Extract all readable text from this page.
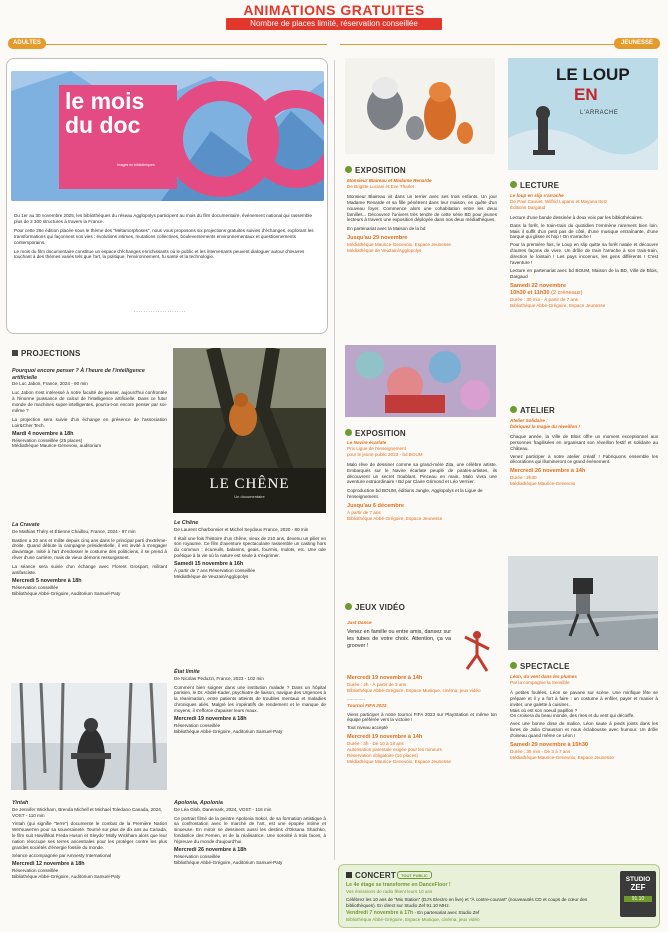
ANIMATIONS GRATUITES
Nombre de places limité, réservation conseillée
ADULTES	JEUNESSE
le mois
du doc
images en bibliothèques

Du 1er au 30 novembre 2025, les bibliothèques du réseau Agglopolys participent au mois du film documentaire, événement national qui rassemble plus de 2 300 structures à travers la France.

Pour cette 26e édition placée sous le thème des "Métamorphoses", nous vous proposons six projections gratuites suivies d'échanges, explorant les transformations qui façonnent nos vies : évolutions intimes, mutations collectives, bouleversements environnementaux et questionnements contemporains.

Le mois du film documentaire constitue un espace d'échanges enrichissants où le public et les intervenants peuvent dialoguer autour d'œuvres touchant à des thèmes variés tels que l'art, la politique, l'environnement, fu santé et la technologie.

......................
PROJECTIONS
Pourquoi encore penser ? À l'heure de l'intelligence artificielle
De Luc Jabon, France, 2024 - 90 min
Luc Jabon s'est intéressé à notre faculté de penser, aujourd'hui confrontée à l'énorme puissance de calcul de l'intelligence artificielle. Dans ce futur monde de machines super-intelligentes, pourra-t-on encore penser par soi-même ?
La projection sera suivie d'un échange en présence de l'association Loir&Cher Tech.
Mardi 4 novembre à 18h
Réservation conseillée (25 places)
Médiathèque Maurice-Genevoix, auditorium
La Cravate
De Mathias Théry et Étienne Chaillou, France, 2024 - 97 min
Bastien a 20 ans et milite depuis cinq ans dans le principal parti d'extrême-droite. Quand débute la campagne présidentielle, il est invité à s'engager davantage. Initié à l'art d'endosser le costume des politiciens, il se prend à rêver d'une carrière, mais de vieux démons ressurgissent.
La séance sera suivie d'un échange avec Florent Grospart, militant antifasciste.
Mercredi 5 novembre à 18h
Réservation conseillée
Bibliothèque Abbé-Grégoire, Auditorium Samuel-Paty
Yintah
De Jennifer Wickham, Brenda Michell et Michael Toledano Canada, 2024, VOST - 110 min
Yintah (qui signifie "terre") documente le combat de la Première Nation Wet'suwet'en pour sa souveraineté. Tourné sur plus de dix ans au Canada, le film suit Howilhkat Freda Huson et Sleydo' Molly Wickham alors que leur nation réoccupe ses terres ancestrales pour les protéger contre les plus grandes sociétés d'énergie fossile du monde.
Séance accompagnée par Amnesty International
Mercredi 12 novembre à 18h
Réservation conseillée
Bibliothèque Abbé-Grégoire, Auditorium Samuel-Paty
LE CHÊNE
Un documentaire
Le Chêne
De Laurent Charbonnier et Michel Seydoux France, 2020 - 80 min
Il était une fois l'histoire d'un chêne, vieux de 210 ans, devenu un pilier en son royaume. Ce film d'aventure spectaculaire rassemble un casting hors du commun : écureuils, balanins, geais, fourmis, mulots, etc. Une ode poétique à la vie où la nature est seule à s'exprimer.
Samedi 15 novembre à 16h
À partir de 7 ans Réservation conseillée
Médiathèque de Veuzain/Agglopolys
État limite
De Nicolas Peduzzi, France, 2023 - 102 min
Comment bien soigner dans une institution malade ? Dans un hôpital parisien, le Dr. Abdel-Kader, psychiatre de liaison, navigue des Urgences à la réanimation, entre patients atteints de troubles mentaux et maladies chroniques aliés. Malgré les impératifs de rendement et le manque de moyens, il s'efforce d'apaiser leurs maux.
Mercredi 19 novembre à 18h
Réservation conseillée
Bibliothèque Abbé-Grégoire, Auditorium Samuel-Paty
Apolonia, Apolonia
De Léa Glob, Danemark, 2024, VOST - 116 min
Ce portrait filmé de la peintre Apolonia Sokol, de sa formation artistique à sa confrontation avec le marché de l'art, est une épopée intime et sinueuse. En miroir se dessinent aussi les destins d'Oksana Shachko, fondatrice des Femen, et de la réalisatrice. Une sororité à trois faces, à l'épreuve du monde d'aujourd'hui.
Mercredi 26 novembre à 18h
Réservation conseillée
Bibliothèque Abbé-Grégoire, Auditorium Samuel-Paty
EXPOSITION
Monsieur Blaireau et Madame Renarde
De Brigitte Luciani et Eve Tharlet
Monsieur Blaireau vit dans un terrier avec ses trois enfants. Un jour Madame Renarde et sa fille pénètrent dans leur maison, en quête d'un nouveau foyer. Commence alors une cohabitation entre les deux familles... Découvrez l'univers très tendre de cette série BD pour jeunes lecteurs à travers une exposition déployée dans nos deux médiathèques.
En partenariat avec la Maison de la bd
Jusqu'au 29 novembre
Médiathèque Maurice-Genevoix, Espace Jeunesse
Médiathèque de Veuzain/Agglopolys
EXPOSITION
Le Navire écarlate
Prix Ligue de l'enseignement
pour le jeune public 2023 - bd BOUM
Malo rêve de dessiner comme sa grand-mère Zita, une célèbre artiste. Embarqués sur le Navire écarlate peuplé de pirates-artistes, ils découvrent un secret troublant. Pinceau en main, Malo vivra une aventure extraordinaire ! Bd par Claire Grimond et Léo Vernier.
Coproduction bd BOUM, éditions Jungle, Agglopolys et la Ligue de l'enseignement.
Jusqu'au 6 décembre
À partir de 7 ans
Bibliothèque Abbé-Grégoire, Espace Jeunesse
JEUX VIDÉO
Just Dance
Venez en famille ou entre amis, dansez sur les tubes de votre choix. Attention, ça va groover !
Mercredi 19 novembre à 14h
Durée : 2h - À partir de 3 ans
Bibliothèque Abbé-Grégoire, Espace Musique, cinéma, jeux vidéo
..............
Tournoi FIFA 2023
Viens participer à notre tournoi FIFA 2023 sur PlayStation et même ton équipe préférée vers la victoire !
Tout niveau accepté
Mercredi 19 novembre à 14h
Durée : 3h - De 10 à 18 ans
Autorisation parentale exigée pour les mineurs
Réservation obligatoire (16 places)
Médiathèque Maurice-Genevoix, Espace Jeunesse
LE LOUP
EN
L'ARRACHE
LECTURE
Le loup en slip s'arrache
De Paul Cauuet, Wilfrid Lupano et Mayana Itoïz
Éditions Dargaud
Lecture d'une bande dessinée à deux voix par les bibliothécaires.
Dans la forêt, le train-train du quotidien t'emmène rarement bien loin. Mais il suffit d'un petit pas de côté, d'une musique entraînante, d'une barque qui glisse et hop ! On s'arrache !
Pour la première fois, le Loup en slip quitte sa forêt natale et découvre d'autres façons de vivre. Un drôle de train l'arrache à son train-train, direction le lointain ! Les pays inconnus, les gens différents ! C'est l'aventure !
Lecture en partenariat avec bd BOUM, Maison de la BD, Ville de Blois, Dargaud
Samedi 22 novembre
10h30 et 11h30 (2 créneaux)
Durée : 30 min - À partir de 7 ans
Bibliothèque Abbé-Grégoire, Espace Jeunesse
ATELIER
Atelier Solidaire :
fabriquez la magie du réveillon !
Chaque année, la Ville de Blois offre un moment exceptionnel aux personnes fragilisées en organisant son réveillon festif et solidaire au Château.
Venez participer à notre atelier créatif ! Fabriquons ensemble les décorations qui illumineront ce grand évènement.
Mercredi 26 novembre à 14h
Durée : 2h30
Médiathèque Maurice-Genevoix
SPECTACLE
Léon, du vent dans les plumes
Par la compagnie la Sensible
À petites foulées, Léon se pavane sur scène. Une mirifique fête se prépare et il y a fort à faire : un costume à enfiler, payer et manier à inviter, une galette à cuisiner...
Mais où est son noeud papillon ?
On croisera du beau monde, des rires et du vent qui décoiffe.
Avec une bonne dose de malice, Léon saute à pieds joints dans les livres de Julia Chausson et nous éclabousse avec humour. Un drôle d'oiseau quand même ce Léon !
Samedi 29 novembre à 15h30
Durée : 35 min - De 3 à 7 ans
Médiathèque Maurice-Genevoix, Espace Jeunesse
CONCERT	TOUT PUBLIC
Le 4e étage se transforme en DanceFloor !
Vos émissions de radio fêtent leurs 10 ans
Célébrez les 10 ans de "Mix Station" (DJ's Electro en live) et "À contre-courant" (nouveautés CD et coups de cœur des bibliothèques). En direct sur Studio Zef 91.10 MHz.
Vendredi 7 novembre à 17h - En partenariat avec Studio Zef
Bibliothèque Abbé-Grégoire, Espace Musique, cinéma, jeux vidéo
STUDIO
ZEF
91.10
